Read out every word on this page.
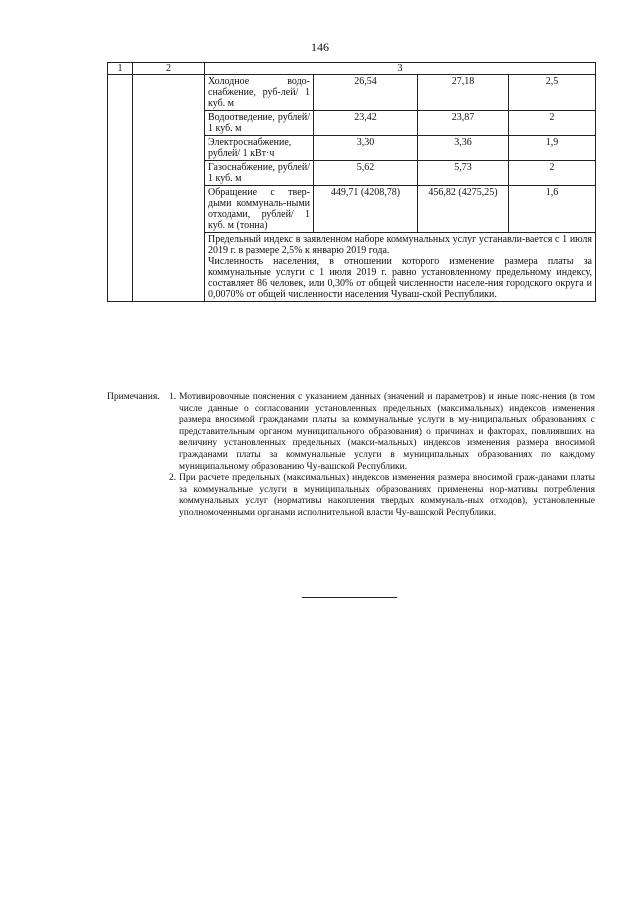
146
1	2	3			
		Холодное водо-снабжение, руб-лей/ 1 куб. м	26,54	27,18	2,5
		Водоотведение, рублей/ 1 куб. м	23,42	23,87	2
		Электроснабжение, рублей/ 1 кВт·ч	3,30	3,36	1,9
		Газоснабжение, рублей/ 1 куб. м	5,62	5,73	2
		Обращение с твер-дыми коммуналь-ными отходами, рублей/ 1 куб. м (тонна)	449,71 (4208,78)	456,82 (4275,25)	1,6

		Предельный индекс в заявленном наборе коммунальных услуг устанавли-вается с 1 июля 2019 г. в размере 2,5% к январю 2019 года.

Численность населения, в отношении которого изменение размера платы за коммунальные услуги с 1 июля 2019 г. равно установленному предельному индексу, составляет 86 человек, или 0,30% от общей численности населе-ния городского округа и 0,0070% от общей численности населения Чуваш-ской Республики.			

Примечания. 1. Мотивировочные пояснения с указанием данных (значений и параметров) и иные пояс-нения (в том числе данные о согласовании установленных предельных (максимальных) индексов изменения размера вносимой гражданами платы за коммунальные услуги в му-ниципальных образованиях с представительным органом муниципального образования) о причинах и факторах, повлиявших на величину установленных предельных (макси-мальных) индексов изменения размера вносимой гражданами платы за коммунальные услуги в муниципальных образованиях по каждому муниципальному образованию Чу-вашской Республики.
2. При расчете предельных (максимальных) индексов изменения размера вносимой граж-данами платы за коммунальные услуги в муниципальных образованиях применены нор-мативы потребления коммунальных услуг (нормативы накопления твердых коммуналь-ных отходов), установленные уполномоченными органами исполнительной власти Чу-вашской Республики.
